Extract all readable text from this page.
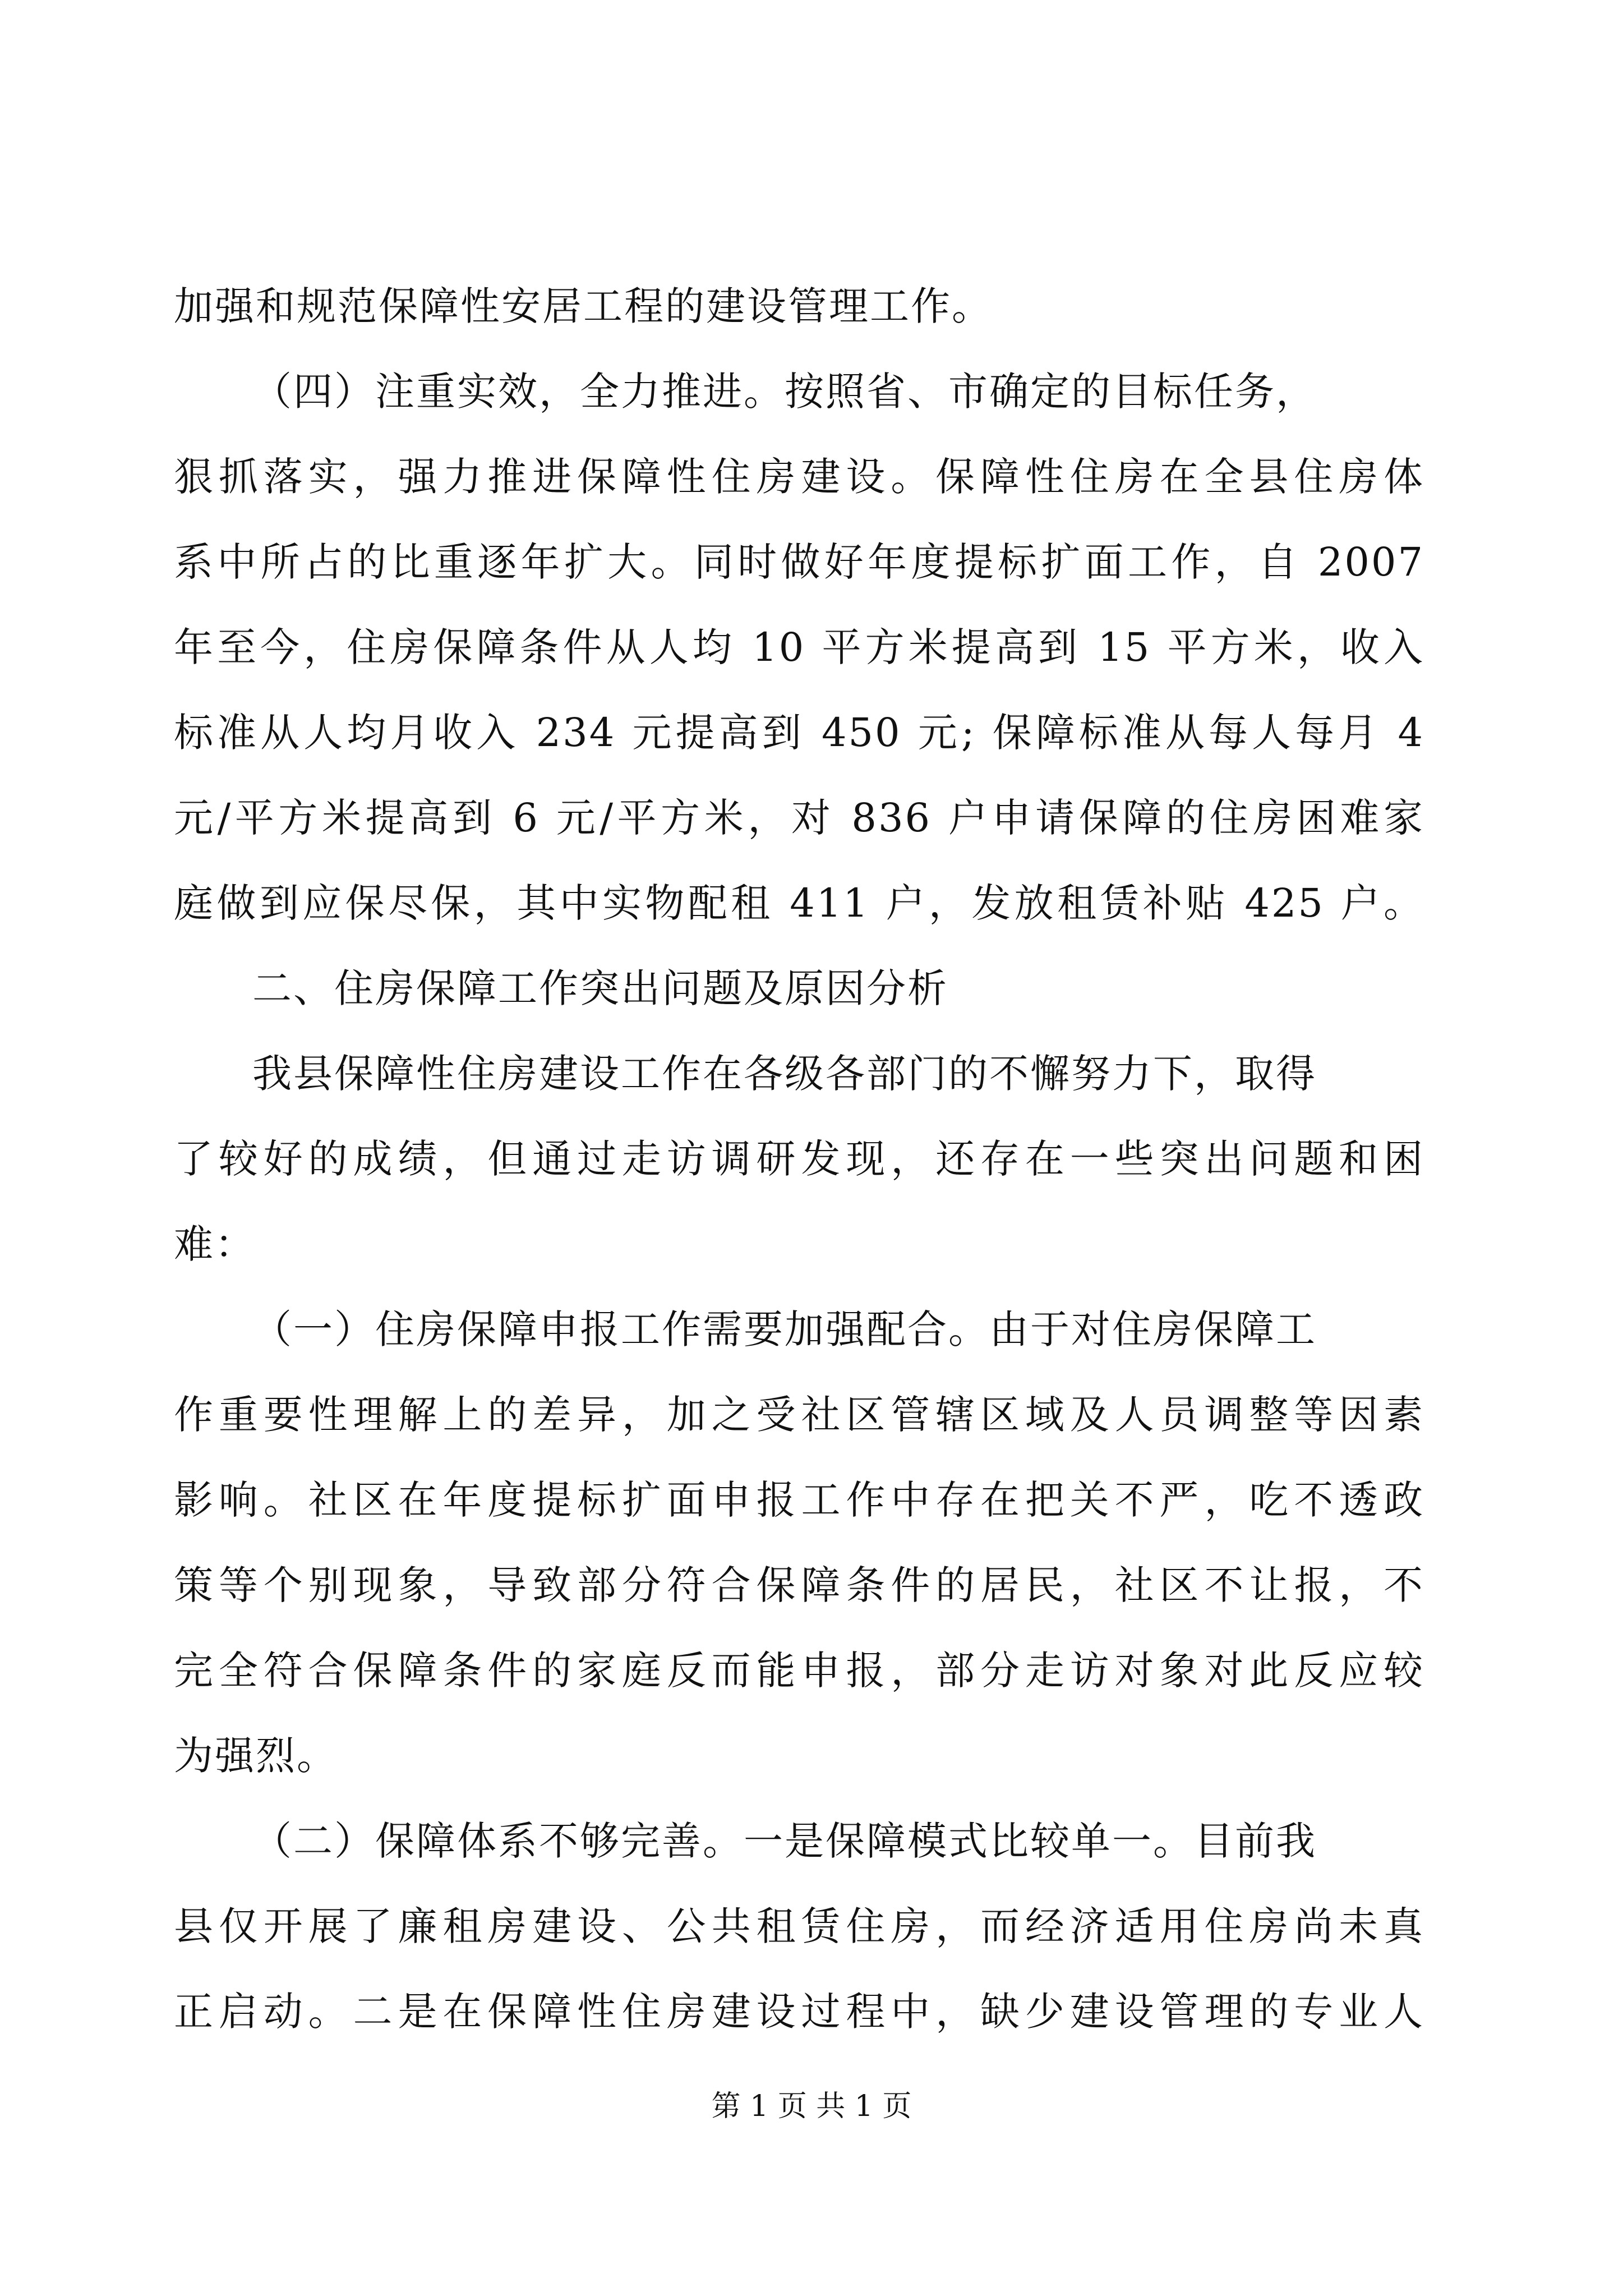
加强和规范保障性安居工程的建设管理工作。
（四）注重实效，全力推进。按照省、市确定的目标任务，
狠抓落实，强力推进保障性住房建设。保障性住房在全县住房体
系中所占的比重逐年扩大。同时做好年度提标扩面工作，自 2007
年至今，住房保障条件从人均 10 平方米提高到 15 平方米，收入
标准从人均月收入 234 元提高到 450 元; 保障标准从每人每月 4
元/平方米提高到 6 元/平方米，对 836 户申请保障的住房困难家
庭做到应保尽保，其中实物配租 411 户，发放租赁补贴 425 户。
二、住房保障工作突出问题及原因分析
我县保障性住房建设工作在各级各部门的不懈努力下，取得
了较好的成绩，但通过走访调研发现，还存在一些突出问题和困
难：
（一）住房保障申报工作需要加强配合。由于对住房保障工
作重要性理解上的差异，加之受社区管辖区域及人员调整等因素
影响。社区在年度提标扩面申报工作中存在把关不严，吃不透政
策等个别现象，导致部分符合保障条件的居民，社区不让报，不
完全符合保障条件的家庭反而能申报，部分走访对象对此反应较
为强烈。
（二）保障体系不够完善。一是保障模式比较单一。目前我
县仅开展了廉租房建设、公共租赁住房，而经济适用住房尚未真
正启动。二是在保障性住房建设过程中，缺少建设管理的专业人
第 1 页 共 1 页
